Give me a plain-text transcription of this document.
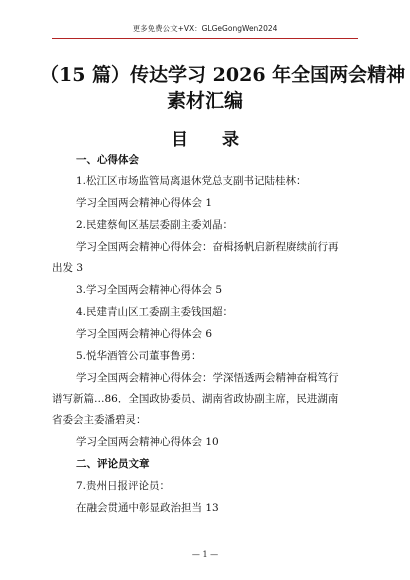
更多免费公文+VX：GLGeGongWen2024
（15 篇）传达学习 2026 年全国两会精神
素材汇编
目 录
一、心得体会
1.松江区市场监管局离退休党总支副书记陆桂林：
学习全国两会精神心得体会 1
2.民建蔡甸区基层委副主委刘晶：
学习全国两会精神心得体会：奋楫扬帆启新程赓续前行再
出发 3
3.学习全国两会精神心得体会 5
4.民建青山区工委副主委钱国超：
学习全国两会精神心得体会 6
5.悦华酒管公司董事鲁勇：
学习全国两会精神心得体会：学深悟透两会精神奋楫笃行
谱写新篇…86．全国政协委员、湖南省政协副主席，民进湖南
省委会主委潘碧灵：
学习全国两会精神心得体会 10
二、评论员文章
7.贵州日报评论员：
在融会贯通中彰显政治担当 13
— 1 —
